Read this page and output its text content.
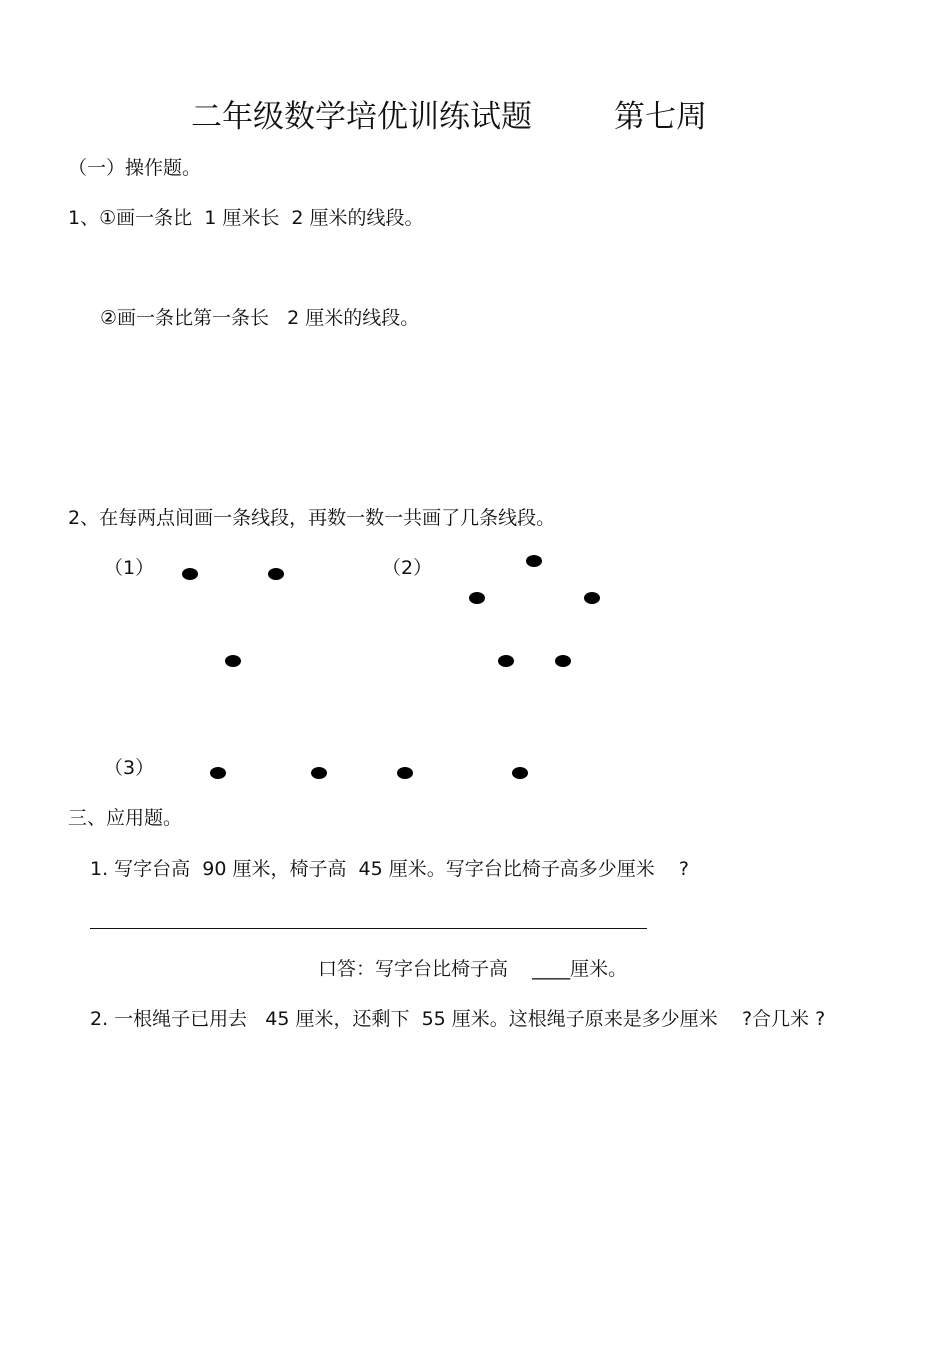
二年级数学培优训练试题	第七周
（一）操作题。
1、①画一条比  1 厘米长  2 厘米的线段。
②画一条比第一条长   2 厘米的线段。
2、在每两点间画一条线段，再数一数一共画了几条线段。
（1）	（2）
（3）
三、应用题。
1. 写字台高  90 厘米，椅子高  45 厘米。写字台比椅子高多少厘米    ?
口答：写字台比椅子高    ____厘米。
2. 一根绳子已用去   45 厘米，还剩下  55 厘米。这根绳子原来是多少厘米    ?合几米 ?
